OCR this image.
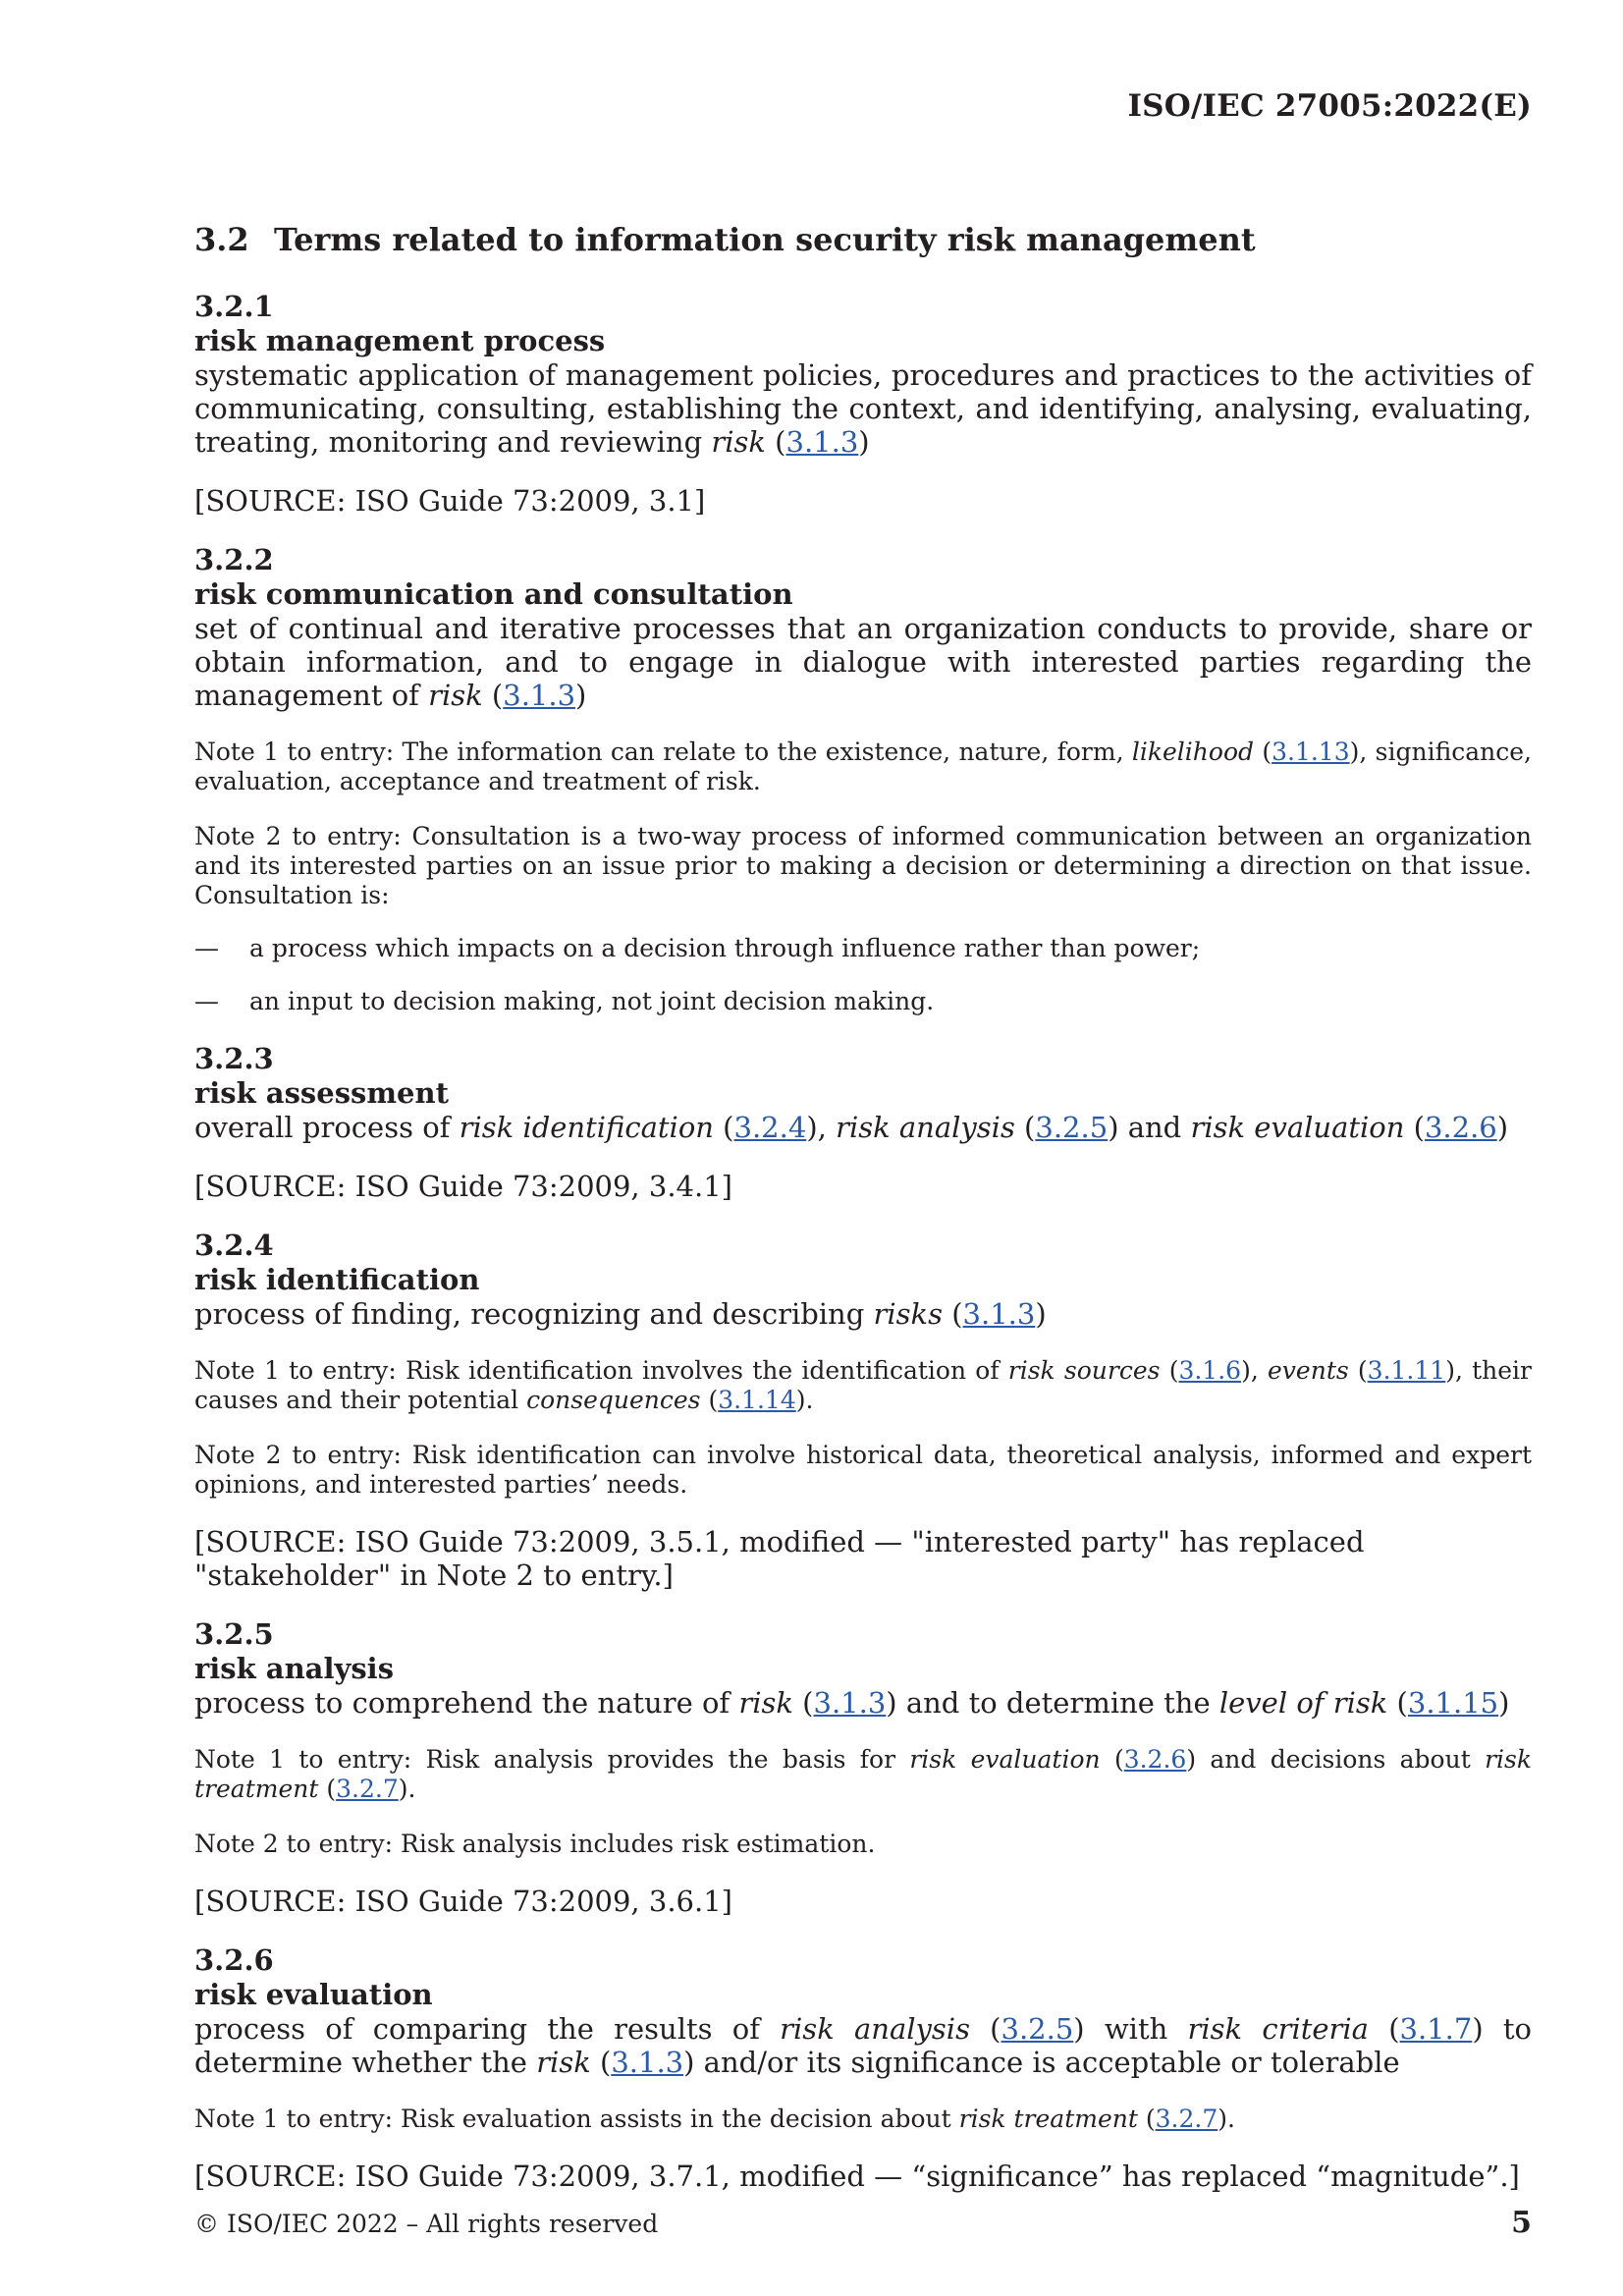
ISO/IEC 27005:2022(E)
3.2 Terms related to information security risk management
3.2.1
risk management process
systematic application of management policies, procedures and practices to the activities of communicating, consulting, establishing the context, and identifying, analysing, evaluating, treating, monitoring and reviewing risk (3.1.3)
[SOURCE: ISO Guide 73:2009, 3.1]
3.2.2
risk communication and consultation
set of continual and iterative processes that an organization conducts to provide, share or obtain information, and to engage in dialogue with interested parties regarding the management of risk (3.1.3)
Note 1 to entry: The information can relate to the existence, nature, form, likelihood (3.1.13), significance, evaluation, acceptance and treatment of risk.
Note 2 to entry: Consultation is a two-way process of informed communication between an organization and its interested parties on an issue prior to making a decision or determining a direction on that issue. Consultation is:
—	a process which impacts on a decision through influence rather than power;
—	an input to decision making, not joint decision making.
3.2.3
risk assessment
overall process of risk identification (3.2.4), risk analysis (3.2.5) and risk evaluation (3.2.6)
[SOURCE: ISO Guide 73:2009, 3.4.1]
3.2.4
risk identification
process of finding, recognizing and describing risks (3.1.3)
Note 1 to entry: Risk identification involves the identification of risk sources (3.1.6), events (3.1.11), their causes and their potential consequences (3.1.14).
Note 2 to entry: Risk identification can involve historical data, theoretical analysis, informed and expert opinions, and interested parties’ needs.
[SOURCE: ISO Guide 73:2009, 3.5.1, modified — "interested party" has replaced "stakeholder" in Note 2 to entry.]
3.2.5
risk analysis
process to comprehend the nature of risk (3.1.3) and to determine the level of risk (3.1.15)
Note 1 to entry: Risk analysis provides the basis for risk evaluation (3.2.6) and decisions about risk treatment (3.2.7).
Note 2 to entry: Risk analysis includes risk estimation.
[SOURCE: ISO Guide 73:2009, 3.6.1]
3.2.6
risk evaluation
process of comparing the results of risk analysis (3.2.5) with risk criteria (3.1.7) to determine whether the risk (3.1.3) and/or its significance is acceptable or tolerable
Note 1 to entry: Risk evaluation assists in the decision about risk treatment (3.2.7).
[SOURCE: ISO Guide 73:2009, 3.7.1, modified — “significance” has replaced “magnitude”.]
© ISO/IEC 2022 – All rights reserved	5
